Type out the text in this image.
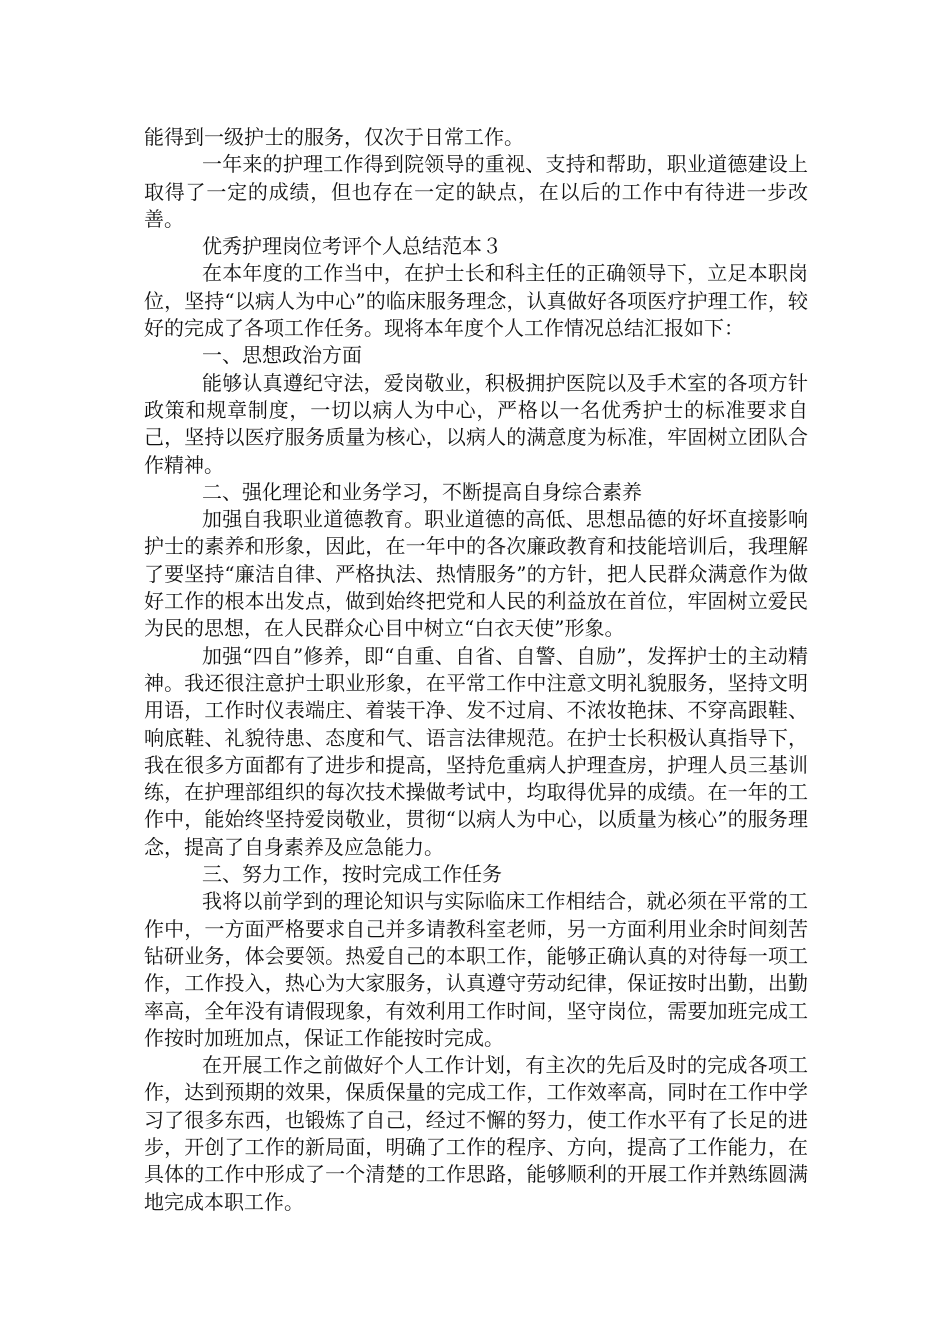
能得到一级护士的服务，仅次于日常工作。

一年来的护理工作得到院领导的重视、支持和帮助，职业道德建设上取得了一定的成绩，但也存在一定的缺点，在以后的工作中有待进一步改善。

优秀护理岗位考评个人总结范本３

在本年度的工作当中，在护士长和科主任的正确领导下，立足本职岗位，坚持“以病人为中心”的临床服务理念，认真做好各项医疗护理工作，较好的完成了各项工作任务。现将本年度个人工作情况总结汇报如下：

一、思想政治方面

能够认真遵纪守法，爱岗敬业，积极拥护医院以及手术室的各项方针政策和规章制度，一切以病人为中心，严格以一名优秀护士的标准要求自己，坚持以医疗服务质量为核心，以病人的满意度为标准，牢固树立团队合作精神。

二、强化理论和业务学习，不断提高自身综合素养

加强自我职业道德教育。职业道德的高低、思想品德的好坏直接影响护士的素养和形象，因此，在一年中的各次廉政教育和技能培训后，我理解了要坚持“廉洁自律、严格执法、热情服务”的方针，把人民群众满意作为做好工作的根本出发点，做到始终把党和人民的利益放在首位，牢固树立爱民为民的思想，在人民群众心目中树立“白衣天使”形象。

加强“四自”修养，即“自重、自省、自警、自励”，发挥护士的主动精神。我还很注意护士职业形象，在平常工作中注意文明礼貌服务，坚持文明用语，工作时仪表端庄、着装干净、发不过肩、不浓妆艳抹、不穿高跟鞋、响底鞋、礼貌待患、态度和气、语言法律规范。在护士长积极认真指导下，我在很多方面都有了进步和提高，坚持危重病人护理查房，护理人员三基训练，在护理部组织的每次技术操做考试中，均取得优异的成绩。在一年的工作中，能始终坚持爱岗敬业，贯彻“以病人为中心，以质量为核心”的服务理念，提高了自身素养及应急能力。

三、努力工作，按时完成工作任务

我将以前学到的理论知识与实际临床工作相结合，就必须在平常的工作中，一方面严格要求自己并多请教科室老师，另一方面利用业余时间刻苦钻研业务，体会要领。热爱自己的本职工作，能够正确认真的对待每一项工作，工作投入，热心为大家服务，认真遵守劳动纪律，保证按时出勤，出勤率高，全年没有请假现象，有效利用工作时间，坚守岗位，需要加班完成工作按时加班加点，保证工作能按时完成。

在开展工作之前做好个人工作计划，有主次的先后及时的完成各项工作，达到预期的效果，保质保量的完成工作，工作效率高，同时在工作中学习了很多东西，也锻炼了自己，经过不懈的努力，使工作水平有了长足的进步，开创了工作的新局面，明确了工作的程序、方向，提高了工作能力，在具体的工作中形成了一个清楚的工作思路，能够顺利的开展工作并熟练圆满地完成本职工作。
